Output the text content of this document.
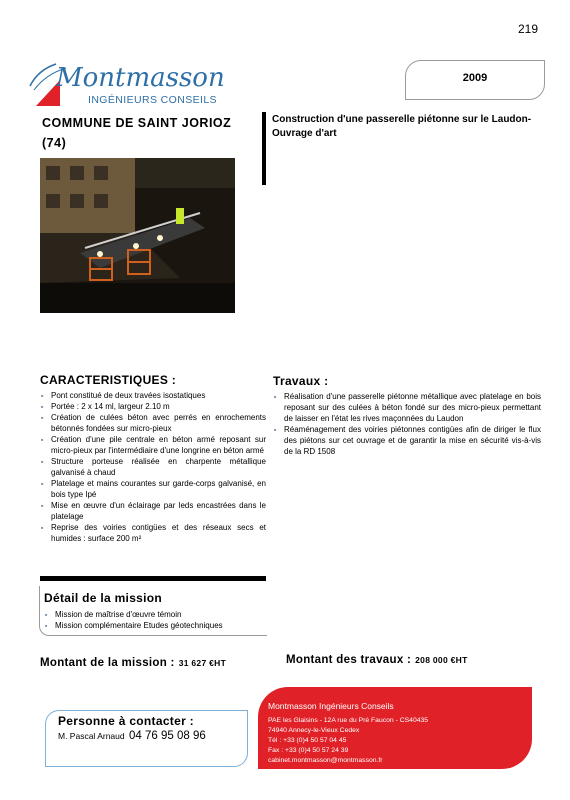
219
Montmasson
INGÉNIEURS CONSEILS
2009
COMMUNE DE SAINT JORIOZ (74)
Construction d'une passerelle piétonne sur le Laudon- Ouvrage d'art
CARACTERISTIQUES :
■ Pont constitué de deux travées isostatiques
■ Portée : 2 x 14 ml, largeur 2.10 m
■ Création de culées béton avec perrés en enrochements bétonnés fondées sur micro-pieux
■ Création d'une pile centrale en béton armé reposant sur micro-pieux par l'intermédiaire d'une longrine en béton armé
■ Structure porteuse réalisée en charpente métallique galvanisé à chaud
■ Platelage et mains courantes sur garde-corps galvanisé, en bois type Ipé
■ Mise en œuvre d'un éclairage par leds encastrées dans le platelage
■ Reprise des voiries contigües et des réseaux secs et humides : surface 200 m²
Travaux :
■ Réalisation d'une passerelle piétonne métallique avec platelage en bois reposant sur des culées à béton fondé sur des micro-pieux permettant de laisser en l'état les rives maçonnées du Laudon
■ Réaménagement des voiries piétonnes contigües afin de diriger le flux des piétons sur cet ouvrage et de garantir la mise en sécurité vis-à-vis de la RD 1508
Détail de la mission
■ Mission de maîtrise d'œuvre témoin
■ Mission complémentaire Etudes géotechniques
Montant de la mission : 31 627 €HT	Montant des travaux : 208 000 €HT
Personne à contacter :
M. Pascal Arnaud 04 76 95 08 96
Montmasson Ingénieurs Conseils
PAE les Glaisins - 12A rue du Pré Faucon - CS40435
74940 Annecy-le-Vieux Cedex
Tél : +33 (0)4 50 57 04 45
Fax : +33 (0)4 50 57 24 39
cabinet.montmasson@montmasson.fr
